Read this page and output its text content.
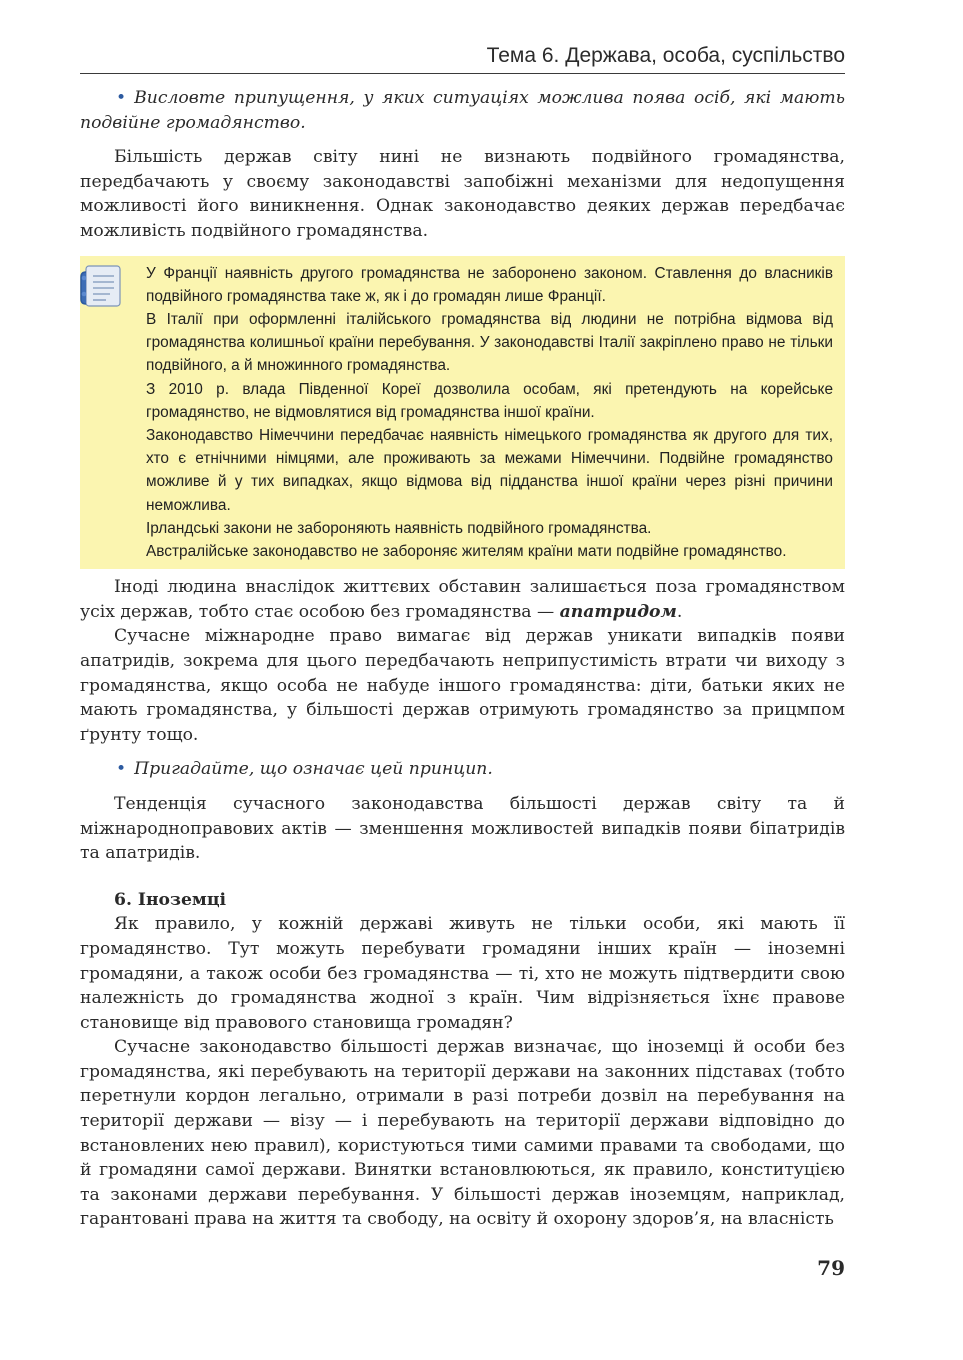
Тема 6. Держава, особа, суспільство

• Висловте припущення, у яких ситуаціях можлива поява осіб, які мають подвійне громадянство.

Більшість держав світу нині не визнають подвійного громадянства, передбачають у своєму законодавстві запобіжні механізми для недопущення можливості його виникнення. Однак законодавство деяких держав передбачає можливість подвійного громадянства.

У Франції наявність другого громадянства не заборонено законом. Ставлення до власників подвійного громадянства таке ж, як і до громадян лише Франції.

В Італії при оформленні італійського громадянства від людини не потрібна відмова від громадянства колишньої країни перебування. У законодавстві Італії закріплено право не тільки подвійного, а й множинного громадянства.

З 2010 р. влада Південної Кореї дозволила особам, які претендують на корейське громадянство, не відмовлятися від громадянства іншої країни.

Законодавство Німеччини передбачає наявність німецького громадянства як другого для тих, хто є етнічними німцями, але проживають за межами Німеччини. Подвійне громадянство можливе й у тих випадках, якщо відмова від підданства іншої країни через різні причини неможлива.

Ірландські закони не забороняють наявність подвійного громадянства.

Австралійське законодавство не забороняє жителям країни мати подвійне громадянство.

Іноді людина внаслідок життєвих обставин залишається поза громадянством усіх держав, тобто стає особою без громадянства — апатридом.

Сучасне міжнародне право вимагає від держав уникати випадків появи апатридів, зокрема для цього передбачають неприпустимість втрати чи виходу з громадянства, якщо особа не набуде іншого громадянства: діти, батьки яких не мають громадянства, у більшості держав отримують громадянство за прицмпом ґрунту тощо.

• Пригадайте, що означає цей принцип.

Тенденція сучасного законодавства більшості держав світу та й міжнародноправових актів — зменшення можливостей випадків появи біпатридів та апатридів.

6. Іноземці

Як правило, у кожній державі живуть не тільки особи, які мають її громадянство. Тут можуть перебувати громадяни інших країн — іноземні громадяни, а також особи без громадянства — ті, хто не можуть підтвердити свою належність до громадянства жодної з країн. Чим відрізняється їхнє правове становище від правового становища громадян?

Сучасне законодавство більшості держав визначає, що іноземці й особи без громадянства, які перебувають на території держави на законних підставах (тобто перетнули кордон легально, отримали в разі потреби дозвіл на перебування на території держави — візу — і перебувають на території держави відповідно до встановлених нею правил), користуються тими самими правами та свободами, що й громадяни самої держави. Винятки встановлюються, як правило, конституцією та законами держави перебування. У більшості держав іноземцям, наприклад, гарантовані права на життя та свободу, на освіту й охорону здоров’я, на власність

79
